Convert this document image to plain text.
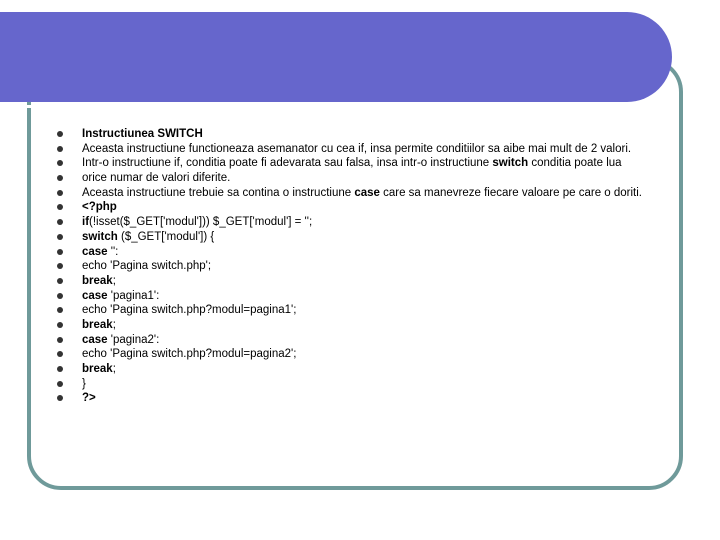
Instructiunea SWITCH
Aceasta instructiune functioneaza asemanator cu cea if, insa permite conditiilor sa aibe mai mult de 2 valori.
Intr-o instructiune if, conditia poate fi adevarata sau falsa, insa intr-o instructiune switch conditia poate lua
orice numar de valori diferite.
Aceasta instructiune trebuie sa contina o instructiune case care sa manevreze fiecare valoare pe care o doriti.
<?php
if(!isset($_GET['modul'])) $_GET['modul'] = '';
switch ($_GET['modul']) {
case '':
echo 'Pagina switch.php';
break;
case 'pagina1':
echo 'Pagina switch.php?modul=pagina1';
break;
case 'pagina2':
echo 'Pagina switch.php?modul=pagina2';
break;
}
?>
